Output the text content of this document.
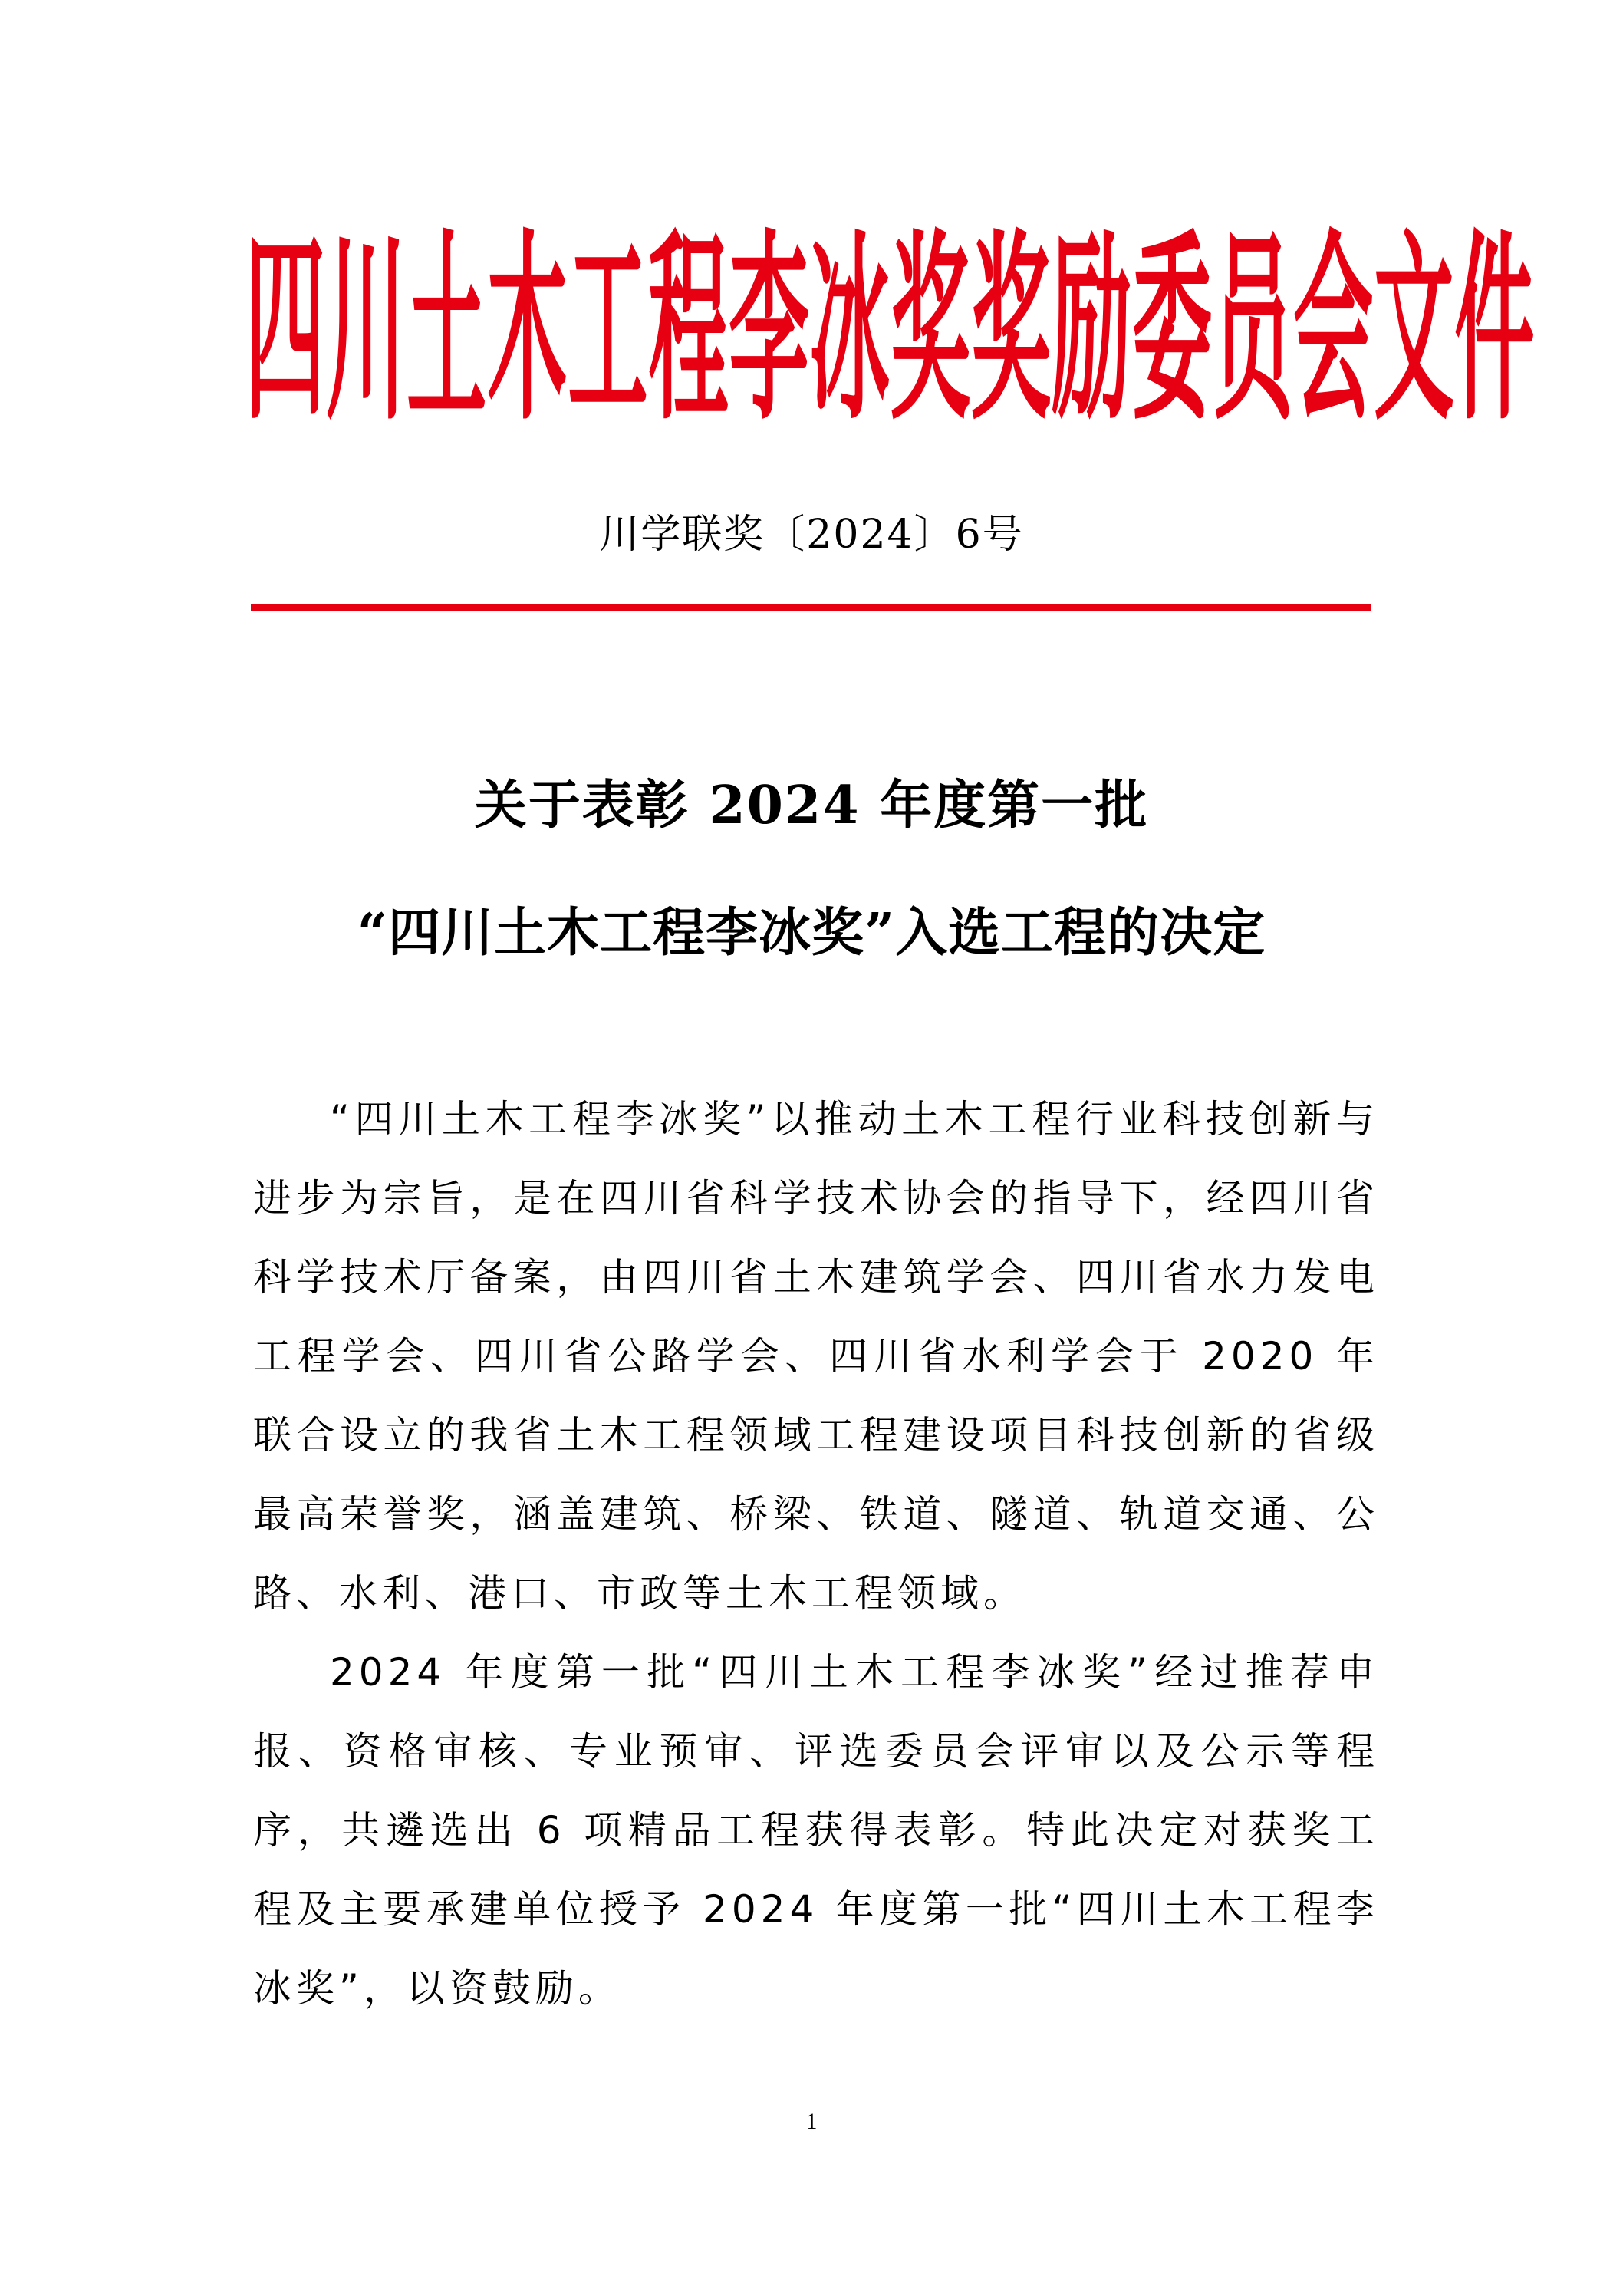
四川土木工程李冰奖奖励委员会文件
川学联奖〔2024〕6号
关于表彰 2024 年度第一批
“四川土木工程李冰奖”入选工程的决定

“四川土木工程李冰奖”以推动土木工程行业科技创新与进步为宗旨，是在四川省科学技术协会的指导下，经四川省科学技术厅备案，由四川省土木建筑学会、四川省水力发电工程学会、四川省公路学会、四川省水利学会于 2020 年联合设立的我省土木工程领域工程建设项目科技创新的省级最高荣誉奖，涵盖建筑、桥梁、铁道、隧道、轨道交通、公路、水利、港口、市政等土木工程领域。

2024 年度第一批“四川土木工程李冰奖”经过推荐申报、资格审核、专业预审、评选委员会评审以及公示等程序，共遴选出 6 项精品工程获得表彰。特此决定对获奖工程及主要承建单位授予 2024 年度第一批“四川土木工程李冰奖”，以资鼓励。

1
